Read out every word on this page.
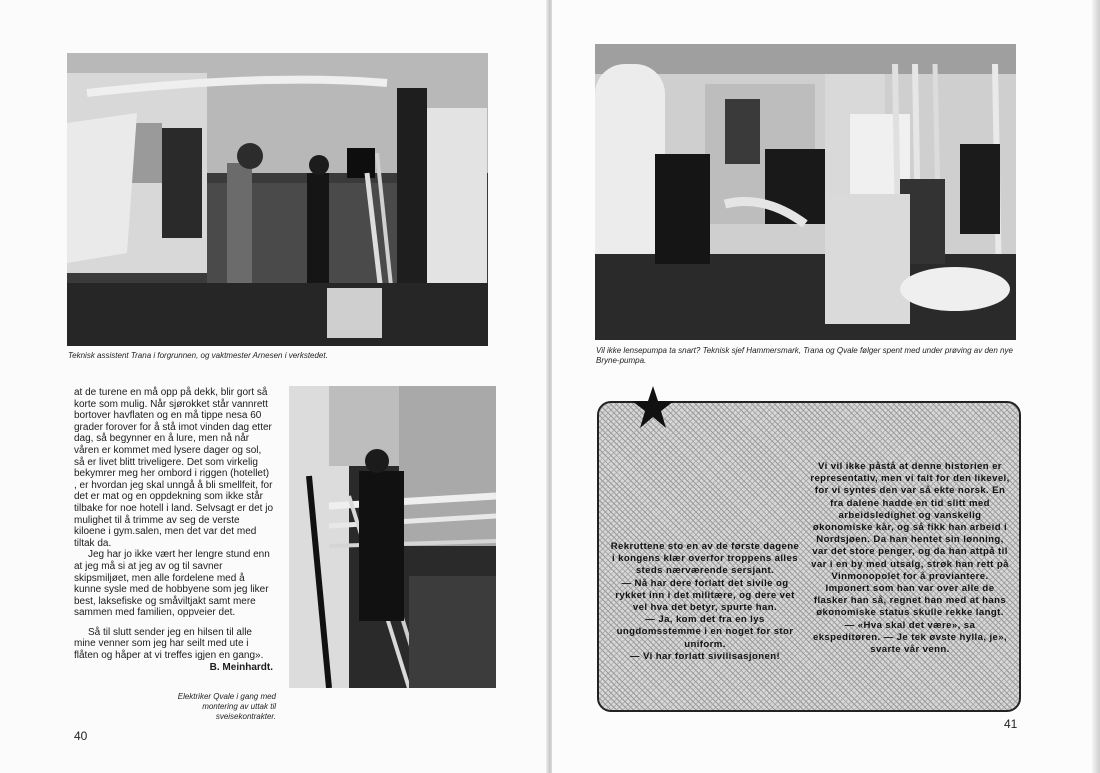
Teknisk assistent Trana i forgrunnen, og vaktmester Arnesen i verkstedet.

at de turene en må opp på dekk, blir gort så korte som mulig. Når sjørokket står vannrett bortover havflaten og en må tippe nesa 60 grader forover for å stå imot vinden dag etter dag, så begynner en å lure, men nå når våren er kommet med lysere dager og sol, så er livet blitt triveligere. Det som virkelig bekymrer meg her ombord i riggen (hotellet) , er hvordan jeg skal unngå å bli smellfeit, for det er mat og en oppdekning som ikke står tilbake for noe hotell i land. Selvsagt er det jo mulighet til å trimme av seg de verste kiloene i gym.salen, men det var det med tiltak da.

Jeg har jo ikke vært her lengre stund enn at jeg må si at jeg av og til savner skipsmiljøet, men alle fordelene med å kunne sysle med de hobbyene som jeg liker best, laksefiske og småviltjakt samt mere sammen med familien, oppveier det.

Så til slutt sender jeg en hilsen til alle mine venner som jeg har seilt med ute i flåten og håper at vi treffes igjen en gang».

B. Meinhardt.

Elektriker Qvale i gang med montering av uttak til sveisekontrakter.
40
Vil ikke lensepumpa ta snart? Teknisk sjef Hammersmark, Trana og Qvale følger spent med under prøving av den nye Bryne-pumpa.

Rekruttene sto en av de første dagene i kongens klær overfor troppens alles steds nærværende sersjant.

— Nå har dere forlatt det sivile og rykket inn i det militære, og dere vet vel hva det betyr, spurte han.

— Ja, kom det fra en lys ungdomsstemme i en noget for stor uniform.

— Vi har forlatt sivilisasjonen!

Vi vil ikke påstå at denne historien er representativ, men vi falt for den likevel, for vi syntes den var så ekte norsk. En fra dalene hadde en tid slitt med arbeidsledighet og vanskelig økonomiske kår, og så fikk han arbeid i Nordsjøen. Da han hentet sin lønning, var det store penger, og da han attpå til var i en by med utsalg, strøk han rett på Vinmonopolet for å proviantere. Imponert som han var over alle de flasker han så, regnet han med at hans økonomiske status skulle rekke langt.

— «Hva skal det være», sa ekspeditøren. — Je tek øvste hylla, je», svarte vår venn.

41
